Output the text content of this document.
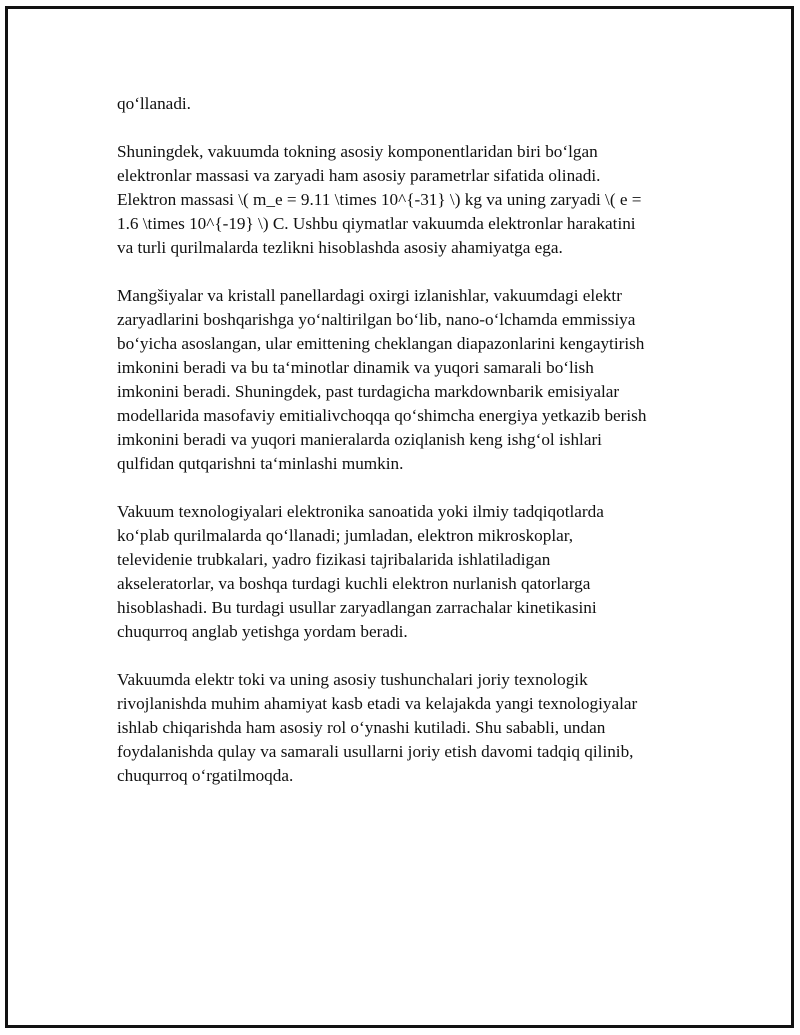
qo‘llanadi.

Shuningdek, vakuumda tokning asosiy komponentlaridan biri bo‘lgan
elektronlar massasi va zaryadi ham asosiy parametrlar sifatida olinadi.
Elektron massasi \( m_e = 9.11 \times 10^{-31} \) kg va uning zaryadi \( e =
1.6 \times 10^{-19} \) C. Ushbu qiymatlar vakuumda elektronlar harakatini
va turli qurilmalarda tezlikni hisoblashda asosiy ahamiyatga ega.

Mangšiyalar va kristall panellardagi oxirgi izlanishlar, vakuumdagi elektr
zaryadlarini boshqarishga yo‘naltirilgan bo‘lib, nano-o‘lchamda emmissiya
bo‘yicha asoslangan, ular emittening cheklangan diapazonlarini kengaytirish
imkonini beradi va bu ta‘minotlar dinamik va yuqori samarali bo‘lish
imkonini beradi. Shuningdek, past turdagicha markdownbarik emisiyalar
modellarida masofaviy emitialivchoqqa qo‘shimcha energiya yetkazib berish
imkonini beradi va yuqori manieralarda oziqlanish keng ishg‘ol ishlari
qulfidan qutqarishni ta‘minlashi mumkin.

Vakuum texnologiyalari elektronika sanoatida yoki ilmiy tadqiqotlarda
ko‘plab qurilmalarda qo‘llanadi; jumladan, elektron mikroskoplar,
televidenie trubkalari, yadro fizikasi tajribalarida ishlatiladigan
akseleratorlar, va boshqa turdagi kuchli elektron nurlanish qatorlarga
hisoblashadi. Bu turdagi usullar zaryadlangan zarrachalar kinetikasini
chuqurroq anglab yetishga yordam beradi.

Vakuumda elektr toki va uning asosiy tushunchalari joriy texnologik
rivojlanishda muhim ahamiyat kasb etadi va kelajakda yangi texnologiyalar
ishlab chiqarishda ham asosiy rol o‘ynashi kutiladi. Shu sababli, undan
foydalanishda qulay va samarali usullarni joriy etish davomi tadqiq qilinib,
chuqurroq o‘rgatilmoqda.
